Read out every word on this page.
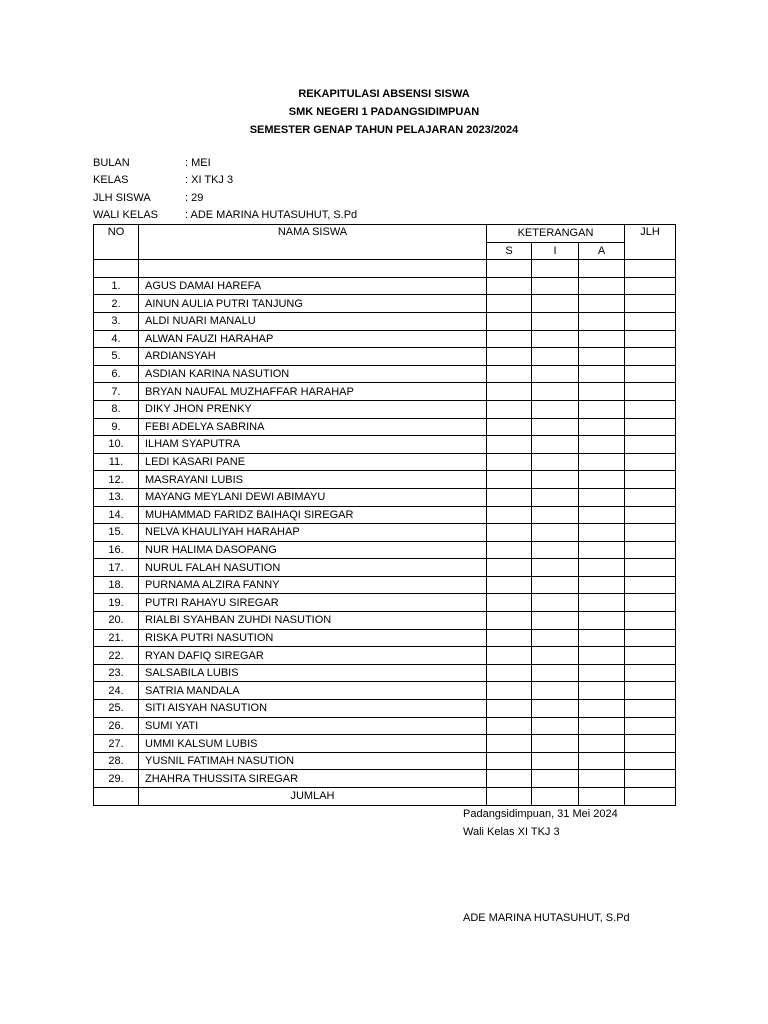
REKAPITULASI ABSENSI SISWA
SMK NEGERI 1 PADANGSIDIMPUAN
SEMESTER GENAP TAHUN PELAJARAN 2023/2024
BULAN	: MEI
KELAS	: XI TKJ 3
JLH SISWA	: 29
WALI KELAS : ADE MARINA HUTASUHUT, S.Pd
NO	NAMA SISWA	KETERANGAN			JLH
		S	I	A	

1.	AGUS DAMAI HAREFA				
2.	AINUN AULIA PUTRI TANJUNG				
3.	ALDI NUARI MANALU				
4.	ALWAN FAUZI HARAHAP				
5.	ARDIANSYAH				
6.	ASDIAN KARINA NASUTION				
7.	BRYAN NAUFAL MUZHAFFAR HARAHAP				
8.	DIKY JHON PRENKY				
9.	FEBI ADELYA SABRINA				
10.	ILHAM SYAPUTRA				
11.	LEDI KASARI PANE				
12.	MASRAYANI LUBIS				
13.	MAYANG MEYLANI DEWI ABIMAYU				
14.	MUHAMMAD FARIDZ BAIHAQI SIREGAR				
15.	NELVA KHAULIYAH HARAHAP				
16.	NUR HALIMA DASOPANG				
17.	NURUL FALAH NASUTION				
18.	PURNAMA ALZIRA FANNY				
19.	PUTRI RAHAYU SIREGAR				
20.	RIALBI SYAHBAN ZUHDI NASUTION				
21.	RISKA PUTRI NASUTION				
22.	RYAN DAFIQ SIREGAR				
23.	SALSABILA LUBIS				
24.	SATRIA MANDALA				
25.	SITI AISYAH NASUTION				
26.	SUMI YATI				
27.	UMMI KALSUM LUBIS				
28.	YUSNIL FATIMAH NASUTION				
29.	ZHAHRA THUSSITA SIREGAR				
	JUMLAH				
Padangsidimpuan, 31 Mei 2024
Wali Kelas XI TKJ 3
ADE MARINA HUTASUHUT, S.Pd
